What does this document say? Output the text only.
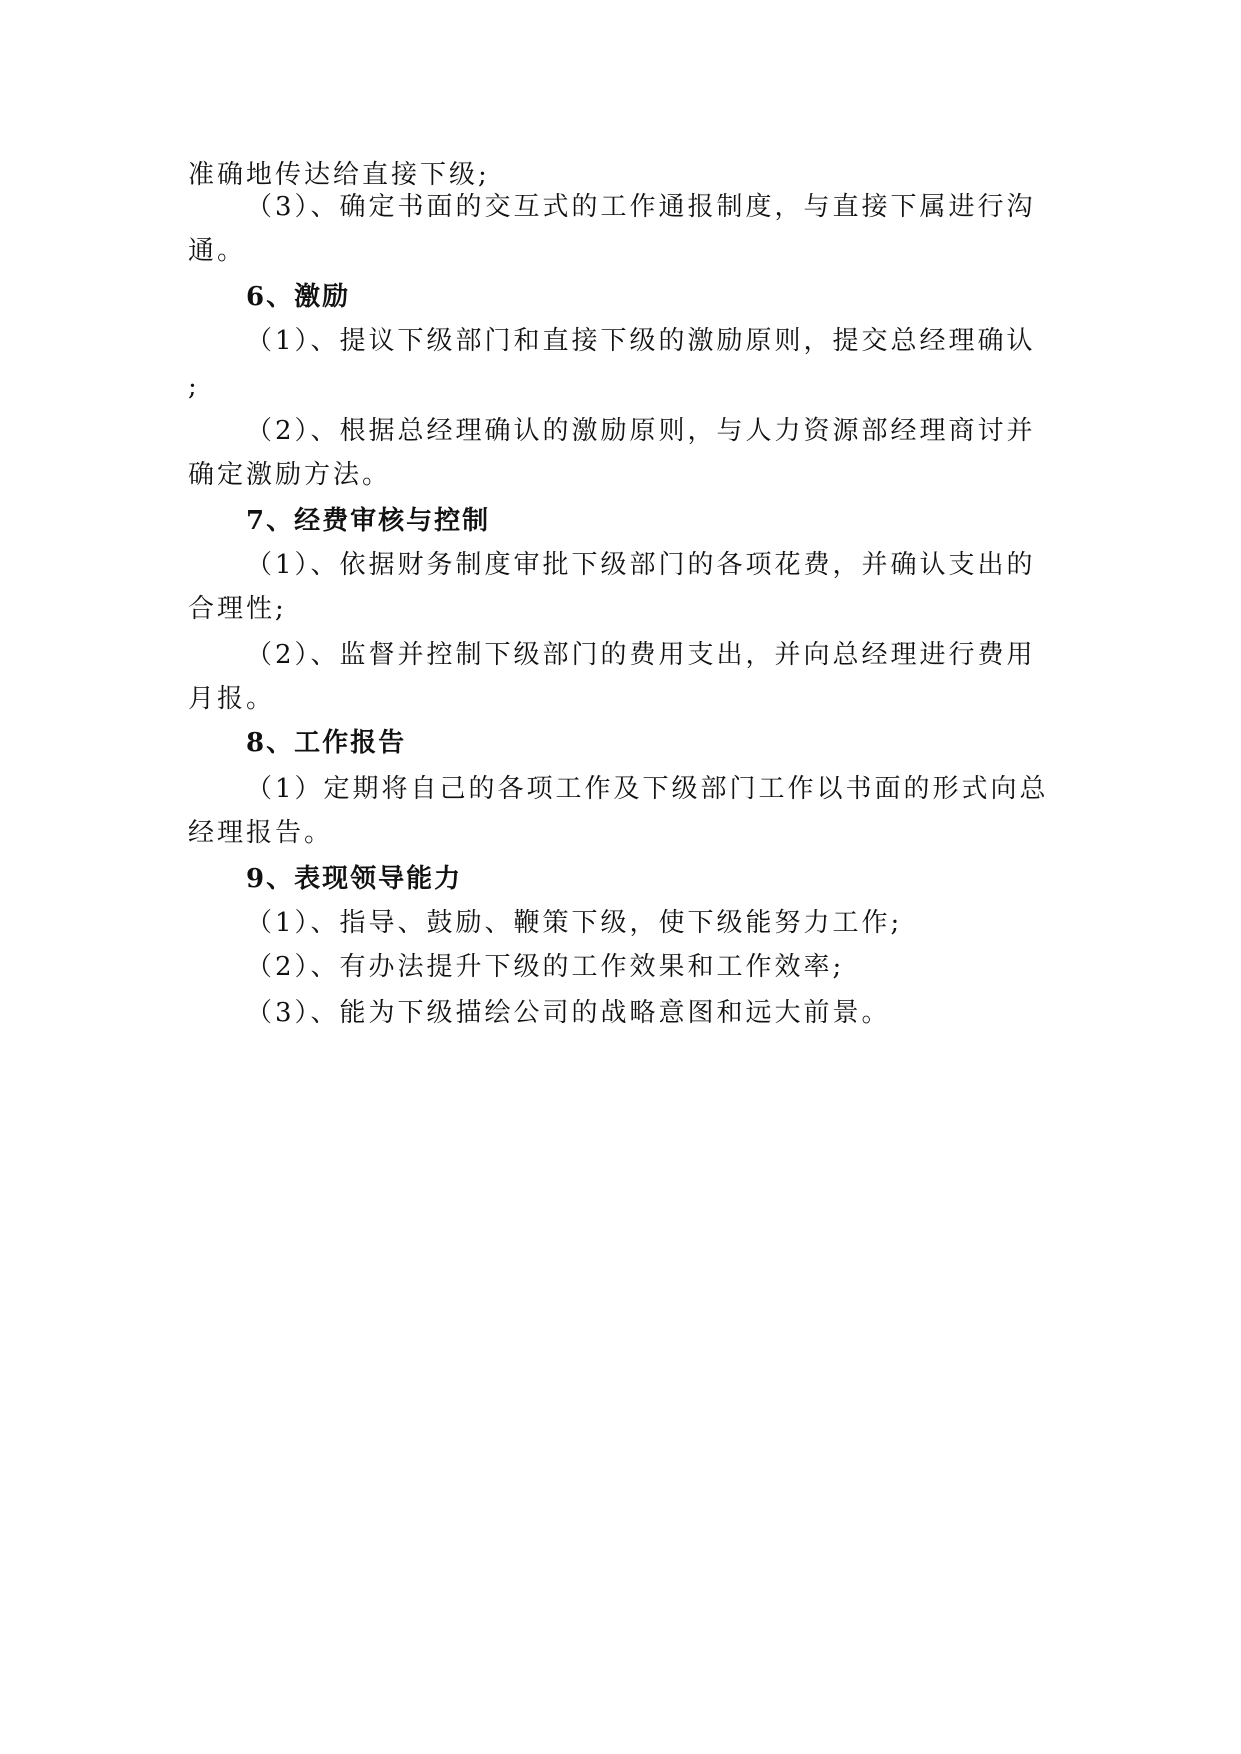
准确地传达给直接下级;
（3）、确定书面的交互式的工作通报制度，与直接下属进行沟
通。
6、激励
（1）、提议下级部门和直接下级的激励原则，提交总经理确认
;
（2）、根据总经理确认的激励原则，与人力资源部经理商讨并
确定激励方法。
7、经费审核与控制
（1）、依据财务制度审批下级部门的各项花费，并确认支出的
合理性;
（2）、监督并控制下级部门的费用支出，并向总经理进行费用
月报。
8、工作报告
（1）定期将自己的各项工作及下级部门工作以书面的形式向总
经理报告。
9、表现领导能力
（1）、指导、鼓励、鞭策下级，使下级能努力工作;
（2）、有办法提升下级的工作效果和工作效率;
（3）、能为下级描绘公司的战略意图和远大前景。
